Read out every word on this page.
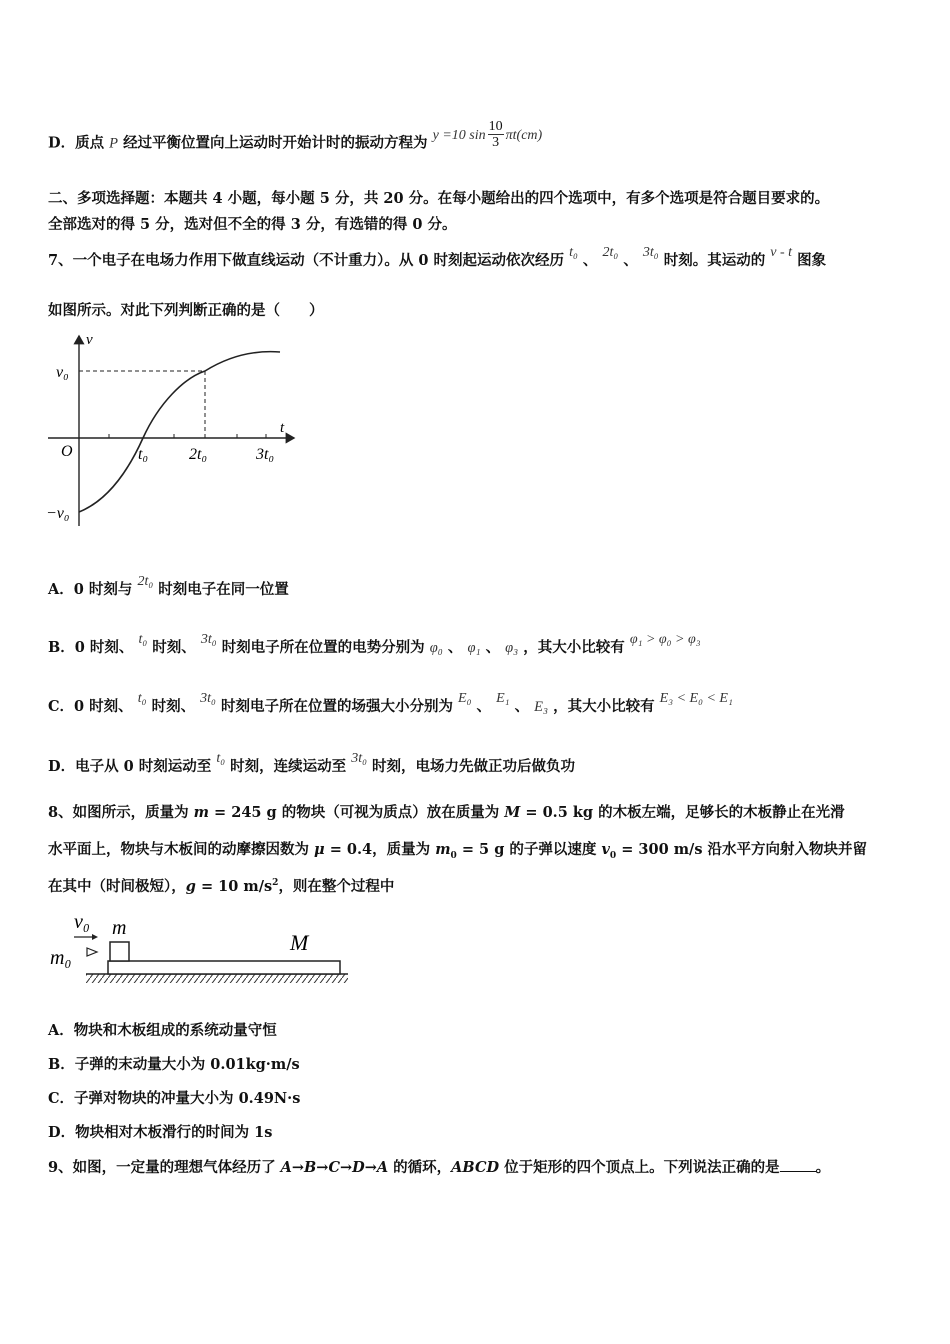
D．质点 P 经过平衡位置向上运动时开始计时的振动方程为 y =10 $\sin \frac{10}{3} \pi t(cm)$
二、多项选择题：本题共 4 小题，每小题 5 分，共 20 分。在每小题给出的四个选项中，有多个选项是符合题目要求的。
全部选对的得 5 分，选对但不全的得 3 分，有选错的得 0 分。
7、一个电子在电场力作用下做直线运动（不计重力）。从 0 时刻起运动依次经历 t₀ 、 2t₀ 、 3t₀ 时刻。其运动的 v - t 图象
如图所示。对此下列判断正确的是（　　）
v
t
v₀
O
−v₀
t₀	2t₀	3t₀
A．0 时刻与 2t₀ 时刻电子在同一位置
B．0 时刻、 t₀ 时刻、 3t₀ 时刻电子所在位置的电势分别为 φ₀ 、 φ₁ 、 φ₃ ，其大小比较有 φ₁ > φ₀ > φ₃
C．0 时刻、 t₀ 时刻、 3t₀ 时刻电子所在位置的场强大小分别为 E₀ 、 E₁ 、 E₃ ，其大小比较有 E₃ < E₀ < E₁
D．电子从 0 时刻运动至 t₀ 时刻，连续运动至 3t₀ 时刻，电场力先做正功后做负功
8、如图所示，质量为 m = 245 g 的物块（可视为质点）放在质量为 M = 0.5 kg 的木板左端，足够长的木板静止在光滑
水平面上，物块与木板间的动摩擦因数为 μ = 0.4，质量为 $m_0 = 5$ g 的子弹以速度 $v_0 = 300$ m/s 沿水平方向射入物块并留
在其中（时间极短），g = 10 $m/s^2$，则在整个过程中
v₀ m
m₀
M
A．物块和木板组成的系统动量守恒
B．子弹的末动量大小为 0.01kg·m/s
C．子弹对物块的冲量大小为 0.49N·s
D．物块相对木板滑行的时间为 1s
9、如图，一定量的理想气体经历了 A→B→C→D→A 的循环，ABCD 位于矩形的四个顶点上。下列说法正确的是 。
